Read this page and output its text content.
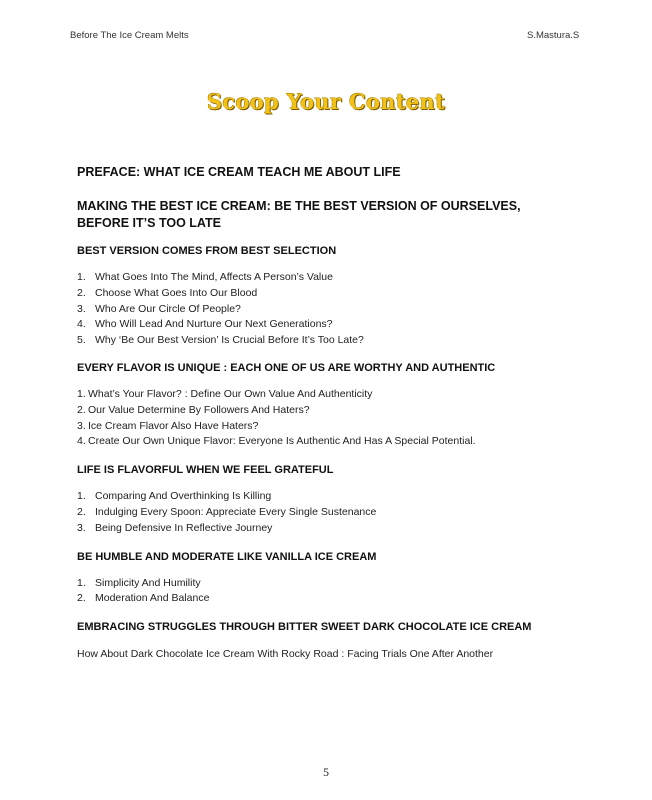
Before The Ice Cream Melts	S.Mastura.S
Scoop Your Content

PREFACE: WHAT ICE CREAM TEACH ME ABOUT LIFE

MAKING THE BEST ICE CREAM: BE THE BEST VERSION OF OURSELVES,

BEFORE IT’S TOO LATE

BEST VERSION COMES FROM BEST SELECTION

1. What Goes Into The Mind, Affects A Person’s Value
2. Choose What Goes Into Our Blood
3. Who Are Our Circle Of People?
4. Who Will Lead And Nurture Our Next Generations?
5. Why ‘Be Our Best Version’ Is Crucial Before It’s Too Late?

EVERY FLAVOR IS UNIQUE : EACH ONE OF US ARE WORTHY AND AUTHENTIC

1. What’s Your Flavor? : Define Our Own Value And Authenticity
2. Our Value Determine By Followers And Haters?
3. Ice Cream Flavor Also Have Haters?
4. Create Our Own Unique Flavor: Everyone Is Authentic And Has A Special Potential.

LIFE IS FLAVORFUL WHEN WE FEEL GRATEFUL

1. Comparing And Overthinking Is Killing
2. Indulging Every Spoon: Appreciate Every Single Sustenance
3. Being Defensive In Reflective Journey

BE HUMBLE AND MODERATE LIKE VANILLA ICE CREAM

1. Simplicity And Humility
2. Moderation And Balance

EMBRACING STRUGGLES THROUGH BITTER SWEET DARK CHOCOLATE ICE CREAM

How About Dark Chocolate Ice Cream With Rocky Road : Facing Trials One After Another

5
